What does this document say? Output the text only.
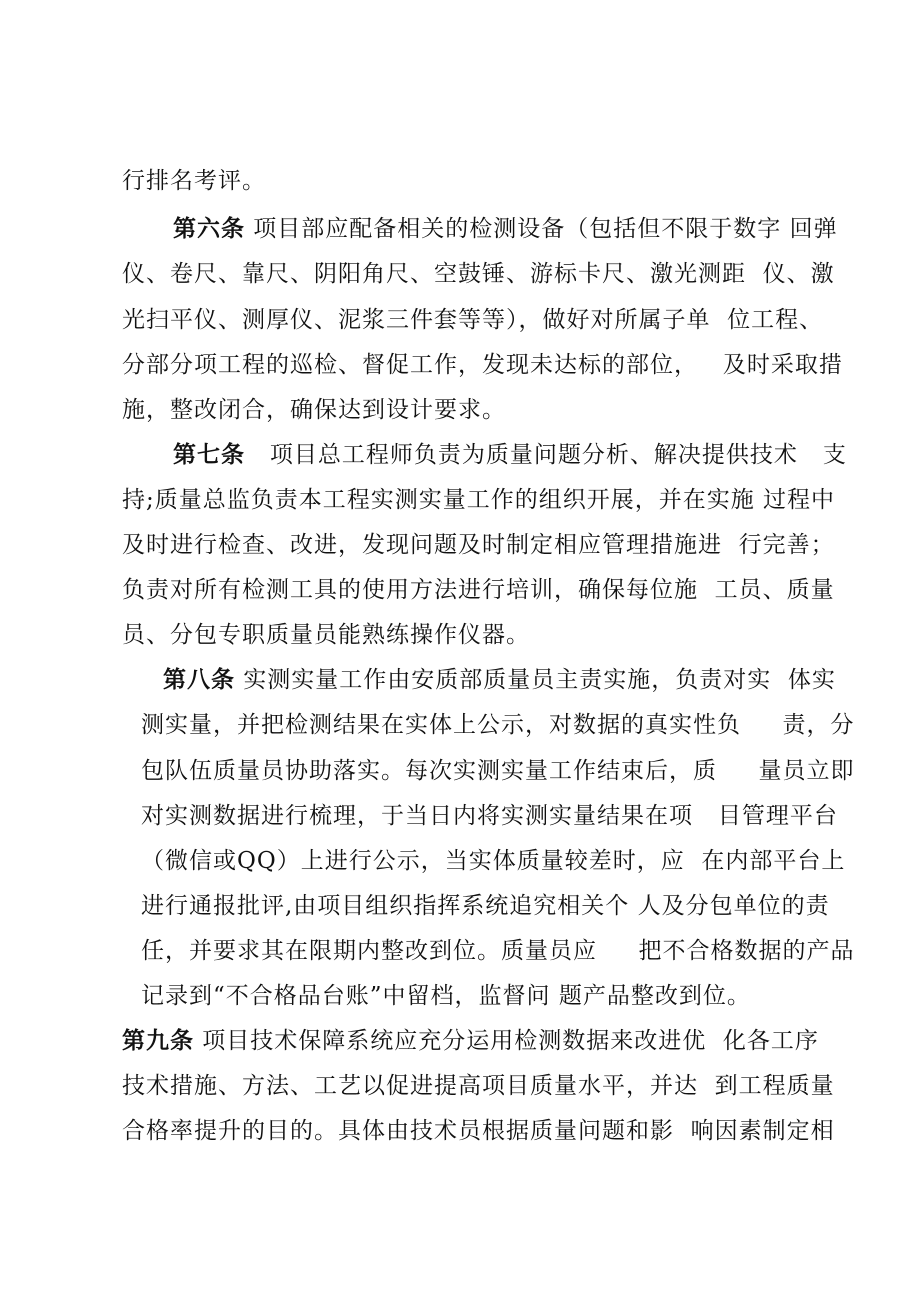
行排名考评。
第六条 项目部应配备相关的检测设备（包括但不限于数字 回弹
仪、卷尺、靠尺、阴阳角尺、空鼓锤、游标卡尺、激光测距  仪、激
光扫平仪、测厚仪、泥浆三件套等等），做好对所属子单  位工程、
分部分项工程的巡检、督促工作，发现未达标的部位，   及时采取措
施，整改闭合，确保达到设计要求。
第七条   项目总工程师负责为质量问题分析、解决提供技术   支
持;质量总监负责本工程实测实量工作的组织开展，并在实施 过程中
及时进行检查、改进，发现问题及时制定相应管理措施进  行完善；
负责对所有检测工具的使用方法进行培训，确保每位施  工员、质量
员、分包专职质量员能熟练操作仪器。
第八条 实测实量工作由安质部质量员主责实施，负责对实  体实
测实量，并把检测结果在实体上公示，对数据的真实性负     责，分
包队伍质量员协助落实。每次实测实量工作结束后，质     量员立即
对实测数据进行梳理，于当日内将实测实量结果在项   目管理平台
（微信或QQ）上进行公示，当实体质量较差时，应  在内部平台上
进行通报批评,由项目组织指挥系统追究相关个 人及分包单位的责
任，并要求其在限期内整改到位。质量员应     把不合格数据的产品
记录到“不合格品台账”中留档，监督问 题产品整改到位。
第九条 项目技术保障系统应充分运用检测数据来改进优  化各工序
技术措施、方法、工艺以促进提高项目质量水平，并达  到工程质量
合格率提升的目的。具体由技术员根据质量问题和影  响因素制定相
